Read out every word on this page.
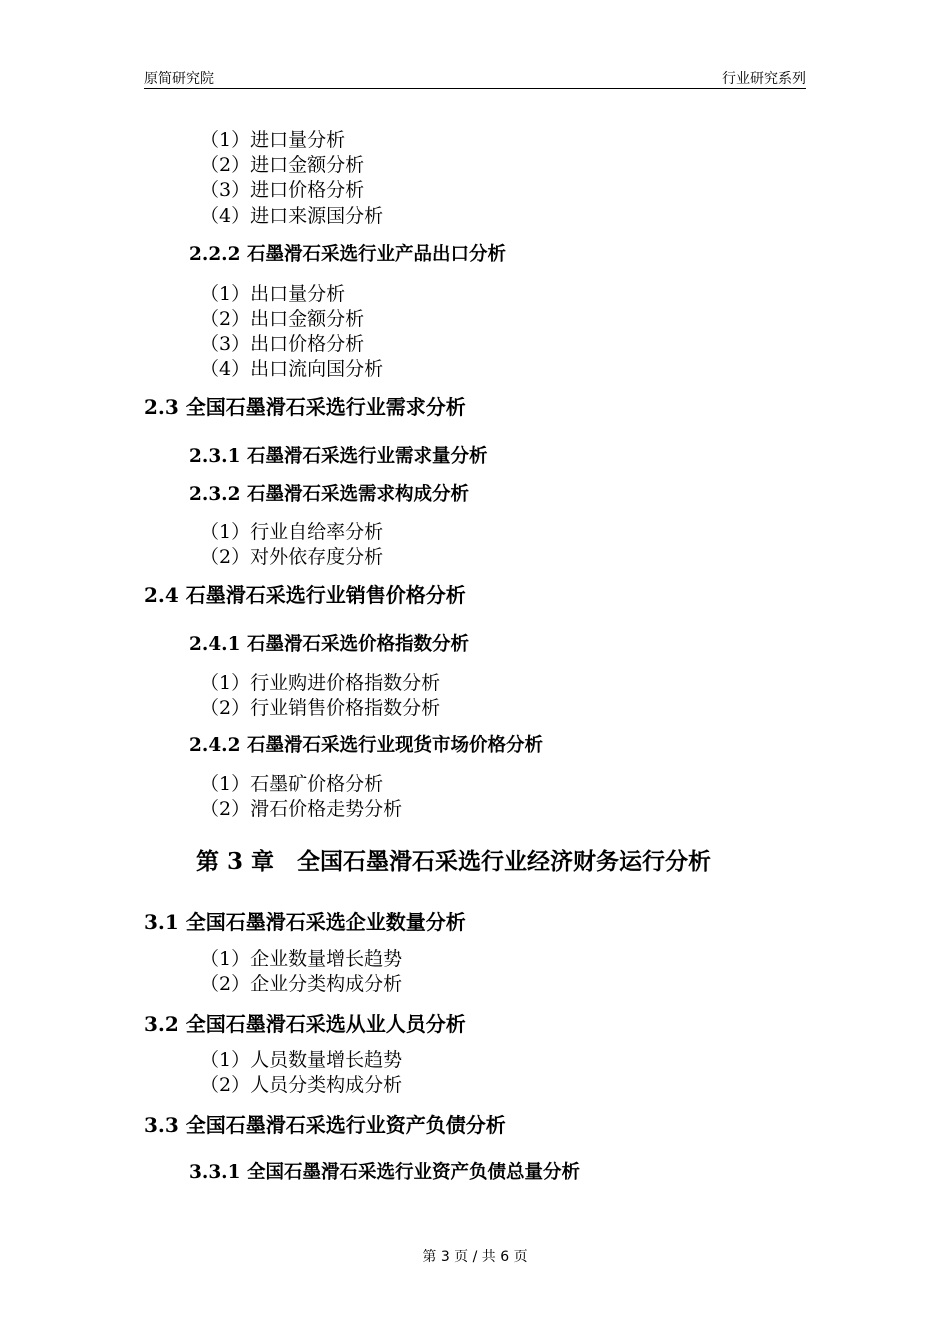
原简研究院	行业研究系列
（1）进口量分析
（2）进口金额分析
（3）进口价格分析
（4）进口来源国分析
2.2.2 石墨滑石采选行业产品出口分析
（1）出口量分析
（2）出口金额分析
（3）出口价格分析
（4）出口流向国分析
2.3 全国石墨滑石采选行业需求分析
2.3.1 石墨滑石采选行业需求量分析
2.3.2 石墨滑石采选需求构成分析
（1）行业自给率分析
（2）对外依存度分析
2.4 石墨滑石采选行业销售价格分析
2.4.1 石墨滑石采选价格指数分析
（1）行业购进价格指数分析
（2）行业销售价格指数分析
2.4.2 石墨滑石采选行业现货市场价格分析
（1）石墨矿价格分析
（2）滑石价格走势分析
第 3 章　全国石墨滑石采选行业经济财务运行分析
3.1 全国石墨滑石采选企业数量分析
（1）企业数量增长趋势
（2）企业分类构成分析
3.2 全国石墨滑石采选从业人员分析
（1）人员数量增长趋势
（2）人员分类构成分析
3.3 全国石墨滑石采选行业资产负债分析
3.3.1 全国石墨滑石采选行业资产负债总量分析
第 3 页 / 共 6 页
